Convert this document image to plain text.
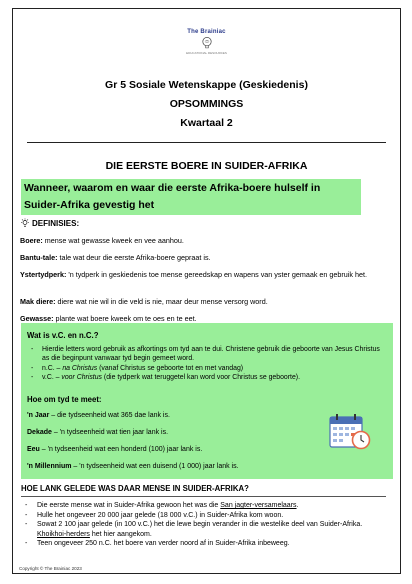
The Brainiac
EDUCATIONAL RESOURCES
Gr 5 Sosiale Wetenskappe (Geskiedenis)
OPSOMMINGS
Kwartaal 2
DIE EERSTE BOERE IN SUIDER-AFRIKA
Wanneer, waarom en waar die eerste Afrika-boere hulself in Suider-Afrika gevestig het
DEFINISIES:
Boere: mense wat gewasse kweek en vee aanhou.
Bantu-tale: tale wat deur die eerste Afrika-boere gepraat is.
Ystertydperk: 'n tydperk in geskiedenis toe mense gereedskap en wapens van yster gemaak en gebruik het.
Mak diere: diere wat nie wil in die veld is nie, maar deur mense versorg word.
Gewasse: plante wat boere kweek om te oes en te eet.
Wat is v.C. en n.C.?
- Hierdie letters word gebruik as afkortings om tyd aan te dui. Christene gebruik die geboorte van Jesus Christus as die beginpunt vanwaar tyd begin gemeet word.
- n.C. – na Christus (vanaf Christus se geboorte tot en met vandag)
- v.C. – voor Christus (die tydperk wat teruggetel kan word voor Christus se geboorte).
Hoe om tyd te meet:
'n Jaar – die tydseenheid wat 365 dae lank is.
Dekade – 'n tydseenheid wat tien jaar lank is.
Eeu – 'n tydseenheid wat een honderd (100) jaar lank is.
'n Millennium – 'n tydseenheid wat een duisend (1 000) jaar lank is.
HOE LANK GELEDE WAS DAAR MENSE IN SUIDER-AFRIKA?
- Die eerste mense wat in Suider-Afrika gewoon het was die San jagter-versamelaars.
- Hulle het ongeveer 20 000 jaar gelede (18 000 v.C.) in Suider-Afrika kom woon.
- Sowat 2 100 jaar gelede (in 100 v.C.) het die lewe begin verander in die westelike deel van Suider-Afrika. Khoikhoi-herders het hier aangekom.
- Teen ongeveer 250 n.C. het boere van verder noord af in Suider-Afrika inbeweeg.
Copyright © The Brainiac 2023
